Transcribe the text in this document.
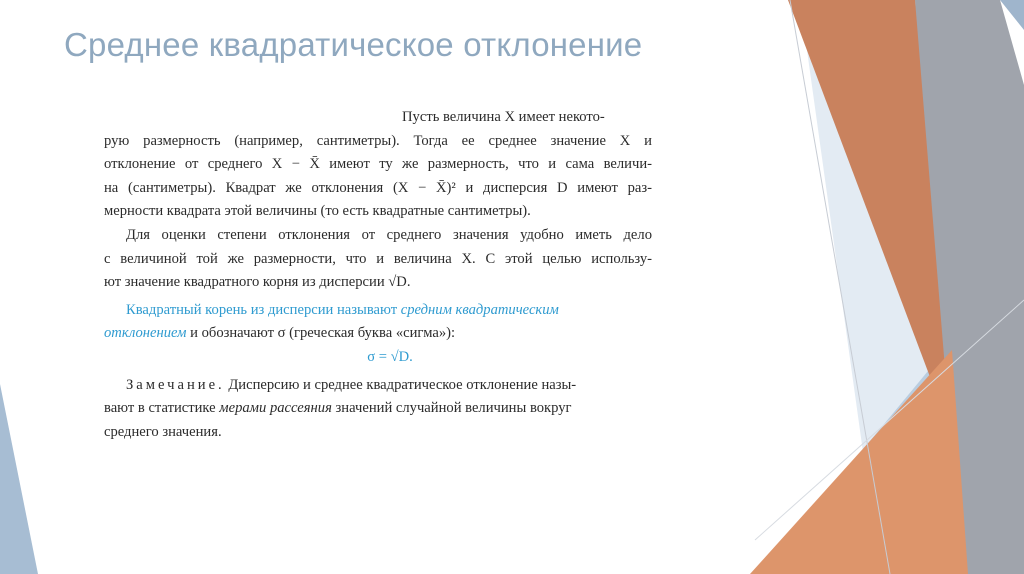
Среднее квадратическое отклонение
Пусть величина X имеет некото-
рую размерность (например, сантиметры). Тогда ее среднее значение X и
отклонение от среднего X − X̄ имеют ту же размерность, что и сама величи-
на (сантиметры). Квадрат же отклонения (X − X̄)² и дисперсия D имеют раз-
мерности квадрата этой величины (то есть квадратные сантиметры).
Для оценки степени отклонения от среднего значения удобно иметь дело
с величиной той же размерности, что и величина X. С этой целью использу-
ют значение квадратного корня из дисперсии √D.
Квадратный корень из дисперсии называют средним квадратическим
отклонением и обозначают σ (греческая буква «сигма»):
σ = √D.
Замечание. Дисперсию и среднее квадратическое отклонение назы-
вают в статистике мерами рассеяния значений случайной величины вокруг
среднего значения.
